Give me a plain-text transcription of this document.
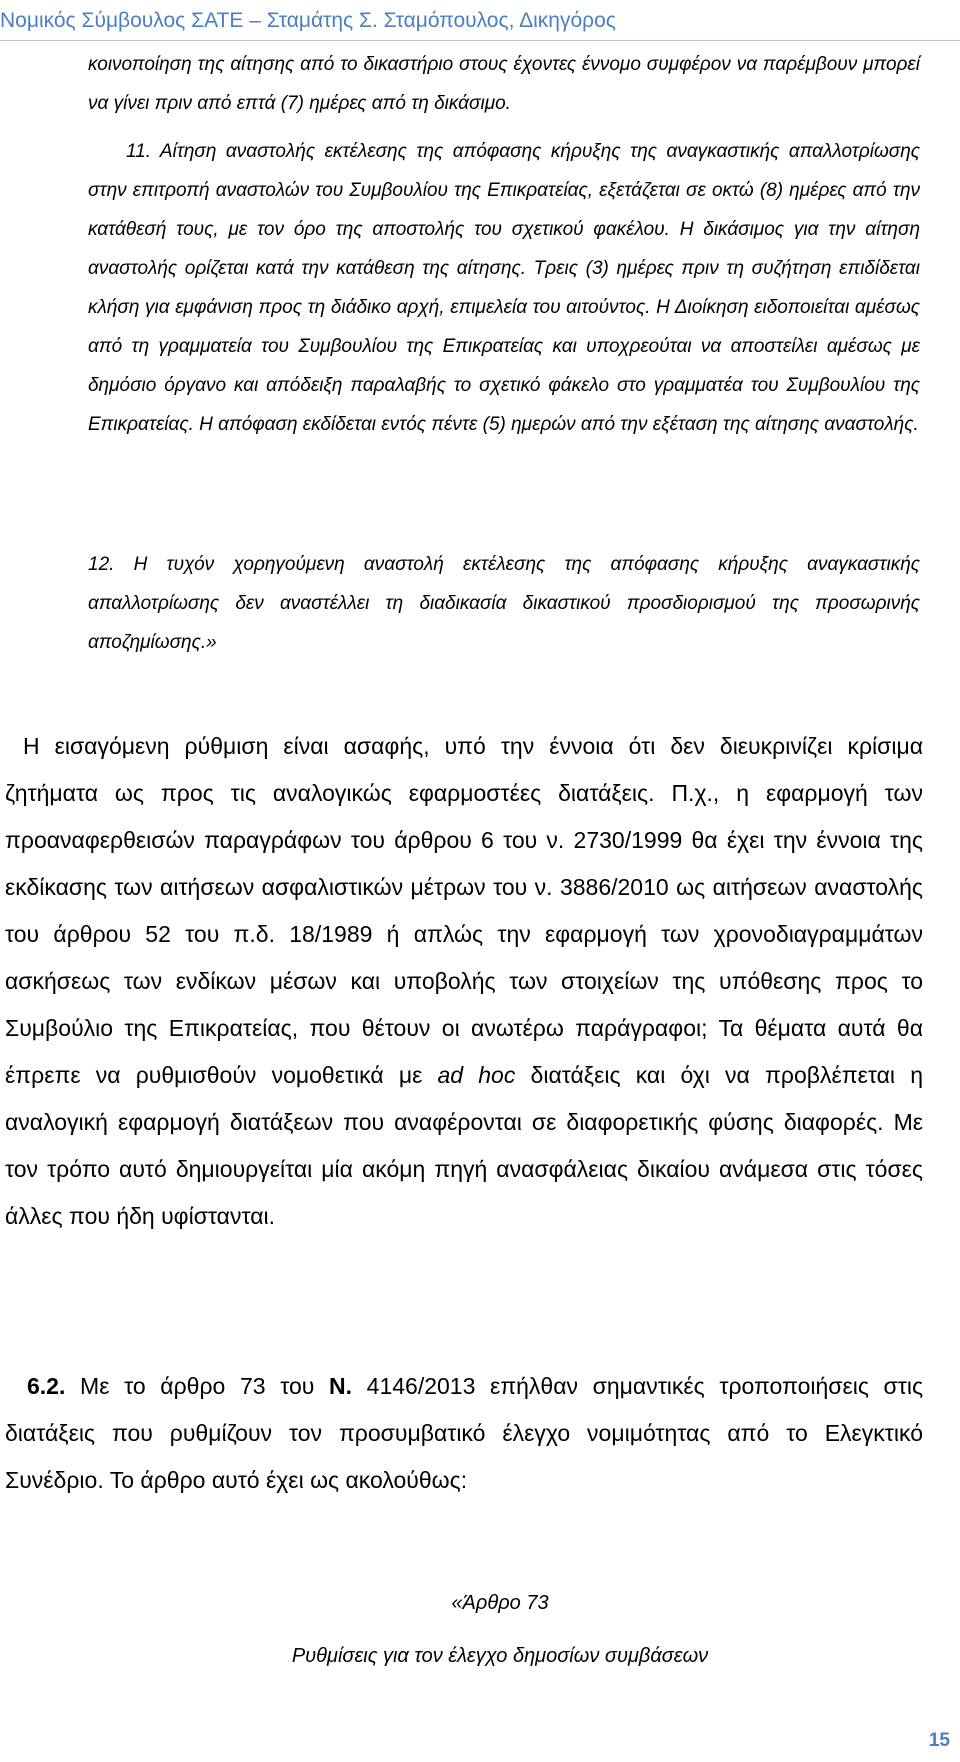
Νομικός Σύμβουλος ΣΑΤΕ – Σταμάτης Σ. Σταμόπουλος, Δικηγόρος
κοινοποίηση της αίτησης από το δικαστήριο στους έχοντες έννομο συμφέρον να παρέμβουν μπορεί να γίνει πριν από επτά (7) ημέρες από τη δικάσιμο.
11. Αίτηση αναστολής εκτέλεσης της απόφασης κήρυξης της αναγκαστικής απαλλοτρίωσης στην επιτροπή αναστολών του Συμβουλίου της Επικρατείας, εξετάζεται σε οκτώ (8) ημέρες από την κατάθεσή τους, με τον όρο της αποστολής του σχετικού φακέλου. Η δικάσιμος για την αίτηση αναστολής ορίζεται κατά την κατάθεση της αίτησης. Τρεις (3) ημέρες πριν τη συζήτηση επιδίδεται κλήση για εμφάνιση προς τη διάδικο αρχή, επιμελεία του αιτούντος. Η Διοίκηση ειδοποιείται αμέσως από τη γραμματεία του Συμβουλίου της Επικρατείας και υποχρεούται να αποστείλει αμέσως με δημόσιο όργανο και απόδειξη παραλαβής το σχετικό φάκελο στο γραμματέα του Συμβουλίου της Επικρατείας. Η απόφαση εκδίδεται εντός πέντε (5) ημερών από την εξέταση της αίτησης αναστολής.
12. Η τυχόν χορηγούμενη αναστολή εκτέλεσης της απόφασης κήρυξης αναγκαστικής απαλλοτρίωσης δεν αναστέλλει τη διαδικασία δικαστικού προσδιορισμού της προσωρινής αποζημίωσης.»
Η εισαγόμενη ρύθμιση είναι ασαφής, υπό την έννοια ότι δεν διευκρινίζει κρίσιμα ζητήματα ως προς τις αναλογικώς εφαρμοστέες διατάξεις. Π.χ., η εφαρμογή των προαναφερθεισών παραγράφων του άρθρου 6 του ν. 2730/1999 θα έχει την έννοια της εκδίκασης των αιτήσεων ασφαλιστικών μέτρων του ν. 3886/2010 ως αιτήσεων αναστολής του άρθρου 52 του π.δ. 18/1989 ή απλώς την εφαρμογή των χρονοδιαγραμμάτων ασκήσεως των ενδίκων μέσων και υποβολής των στοιχείων της υπόθεσης προς το Συμβούλιο της Επικρατείας, που θέτουν οι ανωτέρω παράγραφοι; Τα θέματα αυτά θα έπρεπε να ρυθμισθούν νομοθετικά με ad hoc διατάξεις και όχι να προβλέπεται η αναλογική εφαρμογή διατάξεων που αναφέρονται σε διαφορετικής φύσης διαφορές. Με τον τρόπο αυτό δημιουργείται μία ακόμη πηγή ανασφάλειας δικαίου ανάμεσα στις τόσες άλλες που ήδη υφίστανται.
6.2. Με το άρθρο 73 του Ν. 4146/2013 επήλθαν σημαντικές τροποποιήσεις στις διατάξεις που ρυθμίζουν τον προσυμβατικό έλεγχο νομιμότητας από το Ελεγκτικό Συνέδριο. Το άρθρο αυτό έχει ως ακολούθως:
«Άρθρο 73
Ρυθμίσεις για τον έλεγχο δημοσίων συμβάσεων
15
